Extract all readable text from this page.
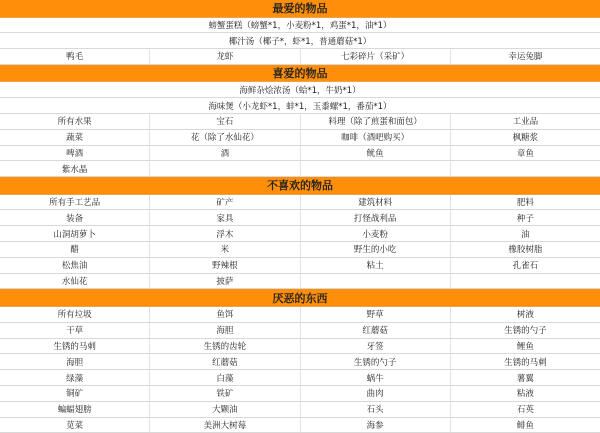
最爱的物品
螃蟹蛋糕（螃蟹*1，小麦粉*1，鸡蛋*1，油*1）
椰汁汤（椰子*，虾*1，普通蘑菇*1）
鸭毛	龙虾	七彩碎片（采矿）	幸运兔脚
喜爱的物品
海鲜杂烩浓汤（蛤*1，牛奶*1）
海味煲（小龙虾*1，蚌*1，玉黍螺*1，番茄*1）
所有水果	宝石	料理（除了煎蛋和面包）	工业品
蔬菜	花（除了水仙花）	咖啡（酒吧购买）	枫糖浆
啤酒	酒	鱿鱼	章鱼
紫水晶
不喜欢的物品
所有手工艺品	矿产	建筑材料	肥料
装备	家具	打怪战利品	种子
山洞胡萝卜	浮木	小麦粉	油
醋	米	野生的小吃	橡胶树脂
松焦油	野辣根	粘土	孔雀石
水仙花	披萨
厌恶的东西
所有垃圾	鱼饵	野草	树液
干草	海胆	红蘑菇	生锈的勺子
生锈的马刺	生锈的齿轮	牙签	鲤鱼
海胆	红蘑菇	生锈的勺子	生锈的马刺
绿藻	白藻	蜗牛	薯翼
铜矿	铁矿	曲肉	粘液
蝙蝠翅膀	大颗油	石头	石英
苋菜	美洲大树莓	海参	鲱鱼
